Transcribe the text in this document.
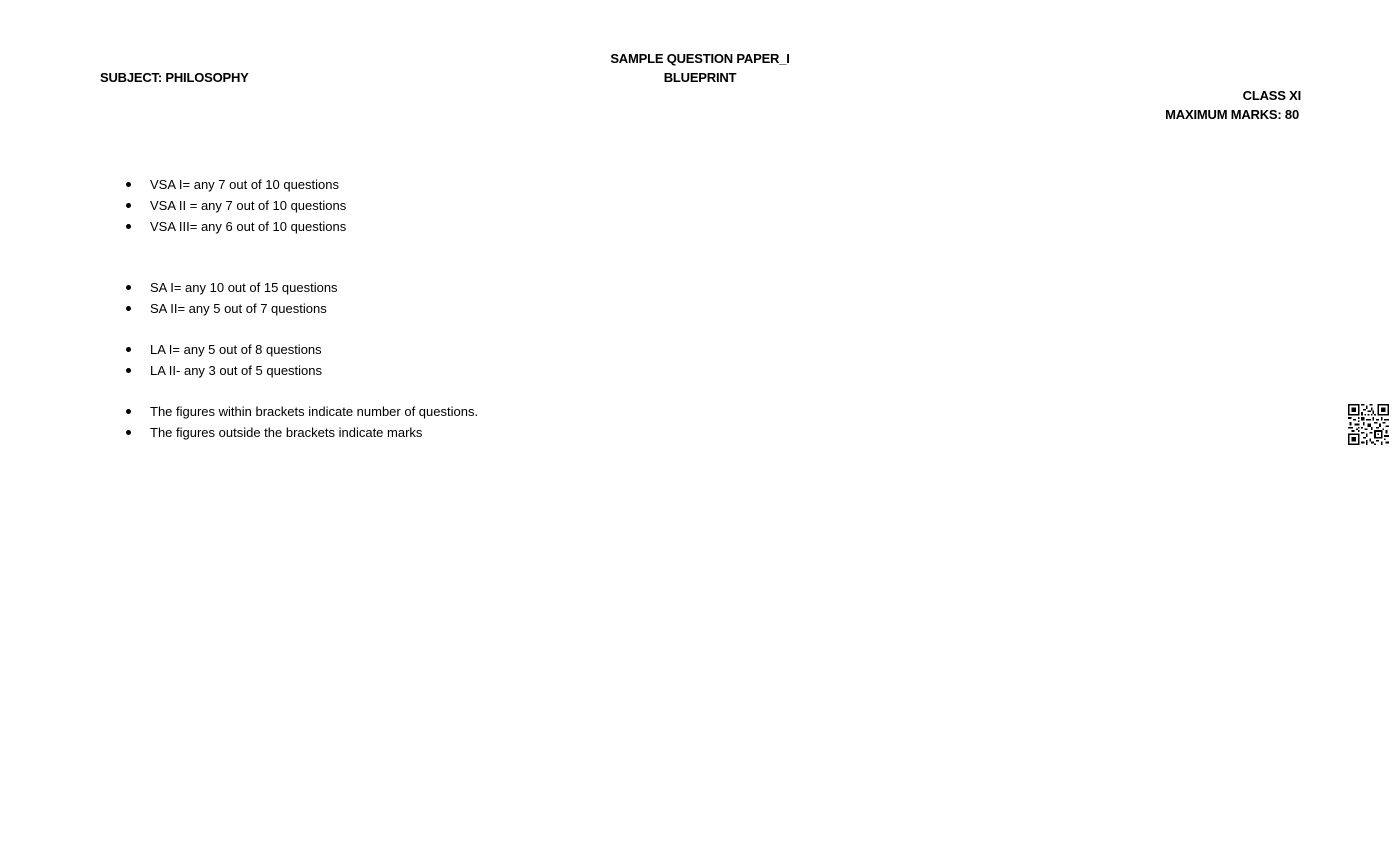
SAMPLE QUESTION PAPER_I
BLUEPRINT
SUBJECT: PHILOSOPHY
CLASS XI
MAXIMUM MARKS: 80
VSA I= any 7 out of 10 questions
VSA II = any 7 out of 10 questions
VSA III= any 6 out of 10 questions
SA I= any 10 out of 15 questions
SA II= any 5 out of 7 questions
LA I= any 5 out of 8 questions
LA II- any 3 out of 5 questions
The figures within brackets indicate number of questions.
The figures outside the brackets indicate marks
